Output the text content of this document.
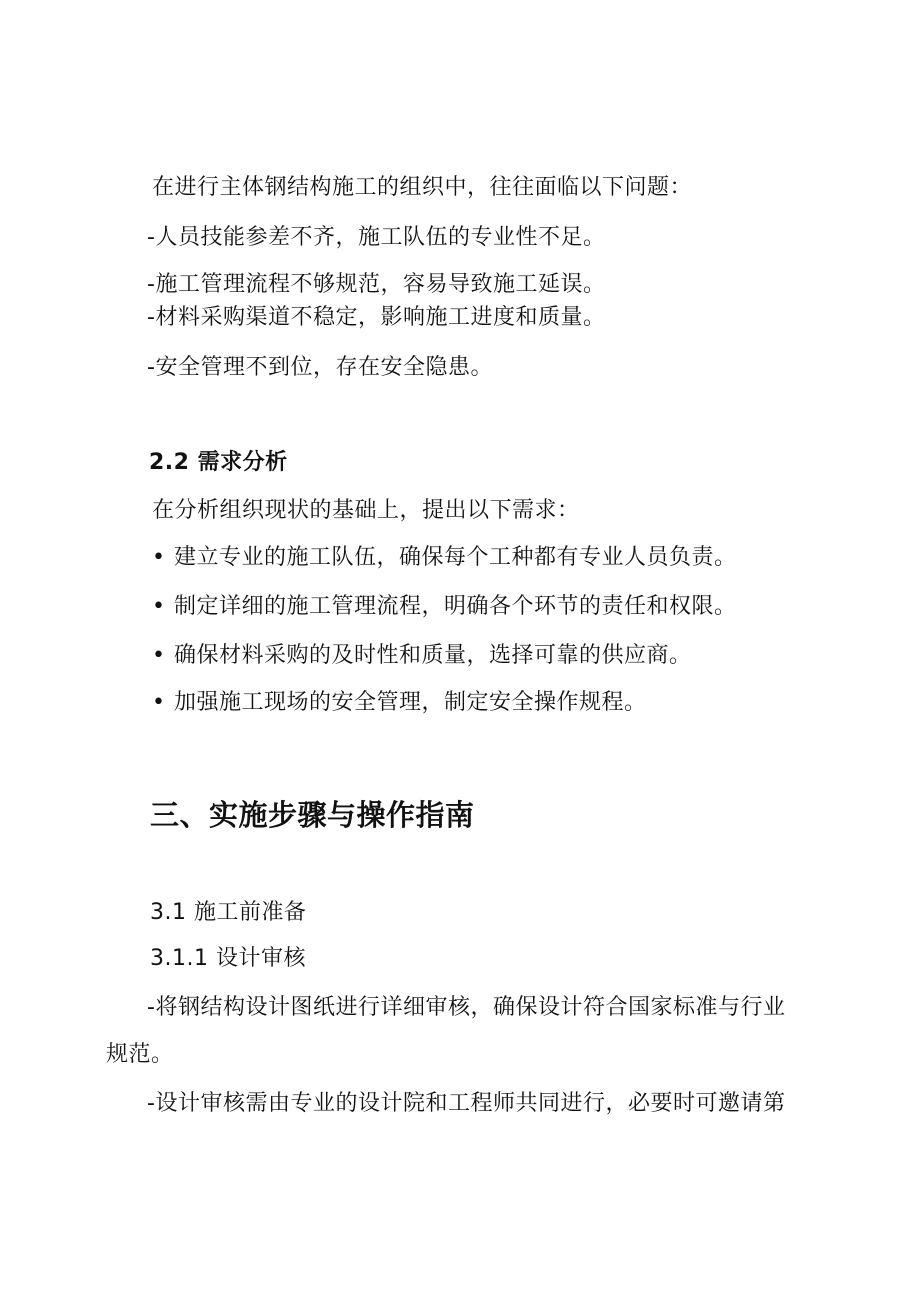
在进行主体钢结构施工的组织中，往往面临以下问题：
-人员技能参差不齐，施工队伍的专业性不足。
-施工管理流程不够规范，容易导致施工延误。
-材料采购渠道不稳定，影响施工进度和质量。
-安全管理不到位，存在安全隐患。
2.2 需求分析
在分析组织现状的基础上，提出以下需求：
• 建立专业的施工队伍，确保每个工种都有专业人员负责。
• 制定详细的施工管理流程，明确各个环节的责任和权限。
• 确保材料采购的及时性和质量，选择可靠的供应商。
• 加强施工现场的安全管理，制定安全操作规程。
三、实施步骤与操作指南
3.1 施工前准备
3.1.1 设计审核
-将钢结构设计图纸进行详细审核，确保设计符合国家标准与行业
规范。
-设计审核需由专业的设计院和工程师共同进行，必要时可邀请第
